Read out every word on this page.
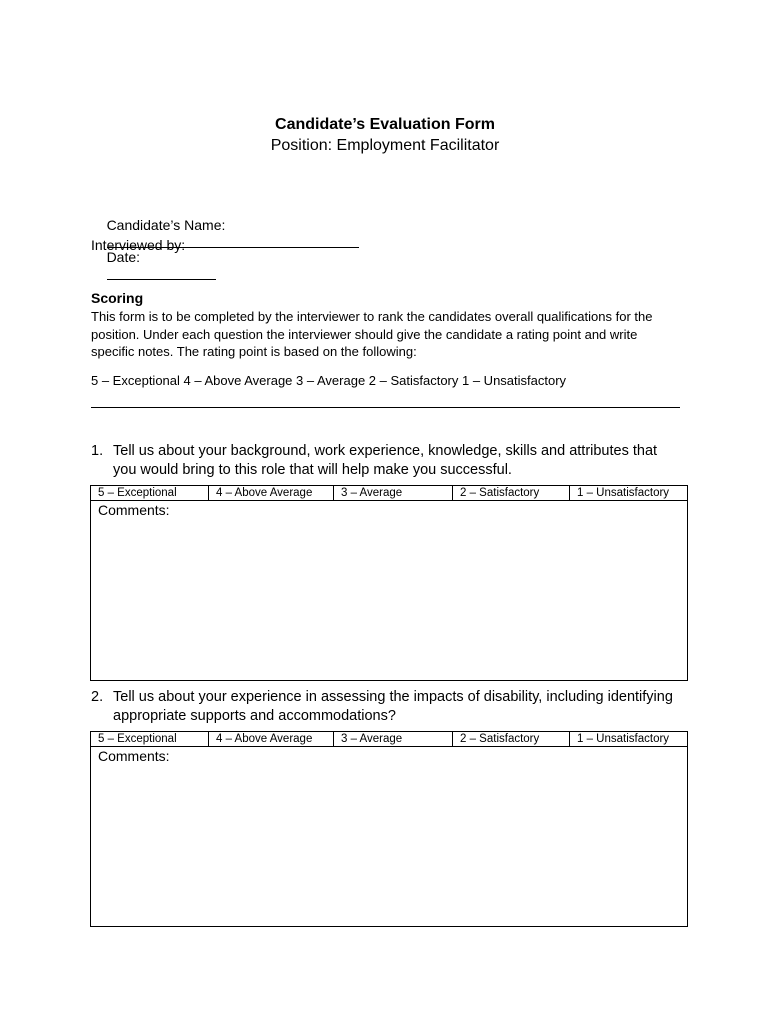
Candidate’s Evaluation Form
Position: Employment Facilitator

Candidate’s Name:

Date:

Interviewed by:
Scoring
This form is to be completed by the interviewer to rank the candidates overall qualifications for the position. Under each question the interviewer should give the candidate a rating point and write specific notes. The rating point is based on the following:
5 – Exceptional 4 – Above Average 3 – Average 2 – Satisfactory 1 – Unsatisfactory
1. Tell us about your background, work experience, knowledge, skills and attributes that you would bring to this role that will help make you successful.
5 – Exceptional	4 – Above Average	3 – Average	2 – Satisfactory	1 – Unsatisfactory
Comments:
2. Tell us about your experience in assessing the impacts of disability, including identifying appropriate supports and accommodations?
5 – Exceptional	4 – Above Average	3 – Average	2 – Satisfactory	1 – Unsatisfactory
Comments:
